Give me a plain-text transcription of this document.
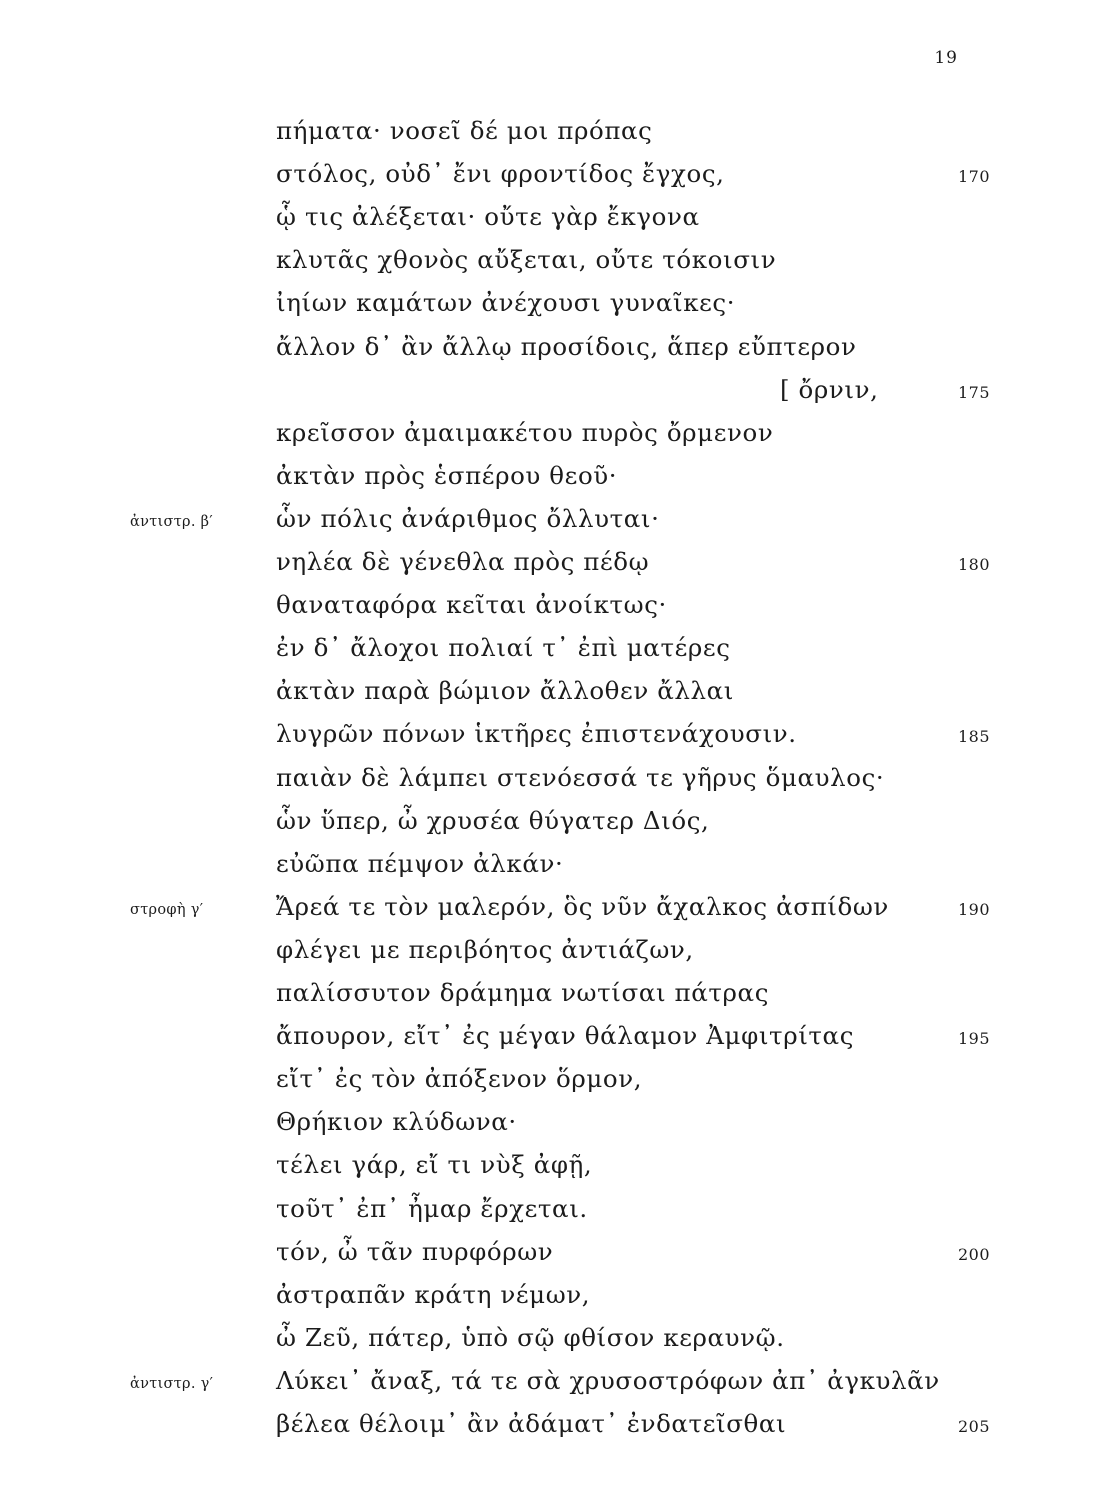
19
πήματα· νοσεῖ δέ μοι πρόπας
στόλος, οὐδ᾽ ἔνι φροντίδος ἔγχος,	170
ᾧ τις ἀλέξεται· οὔτε γὰρ ἔκγονα
κλυτᾶς χθονὸς αὔξεται, οὔτε τόκοισιν
ἰηίων καμάτων ἀνέχουσι γυναῖκες·
ἄλλον δ᾽ ἂν ἄλλῳ προσίδοις, ἅπερ εὔπτερον
[ ὄρνιν,	175
κρεῖσσον ἀμαιμακέτου πυρὸς ὄρμενον
ἀκτὰν πρὸς ἑσπέρου θεοῦ·
ὧν πόλις ἀνάριθμος ὄλλυται·
ἀντιστρ. β′
νηλέα δὲ γένεθλα πρὸς πέδῳ	180
θαναταφόρα κεῖται ἀνοίκτως·
ἐν δ᾽ ἄλοχοι πολιαί τ᾽ ἐπὶ ματέρες
ἀκτὰν παρὰ βώμιον ἄλλοθεν ἄλλαι
λυγρῶν πόνων ἱκτῆρες ἐπιστενάχουσιν.	185
παιὰν δὲ λάμπει στενόεσσά τε γῆρυς ὅμαυλος·
ὧν ὕπερ, ὦ χρυσέα θύγατερ Διός,
εὐῶπα πέμψον ἀλκάν·
Ἄρεά τε τὸν μαλερόν, ὃς νῦν ἄχαλκος ἀσπίδων	190
στροφὴ γ′
φλέγει με περιβόητος ἀντιάζων,
παλίσσυτον δράμημα νωτίσαι πάτρας
ἄπουρον, εἴτ᾽ ἐς μέγαν θάλαμον Ἀμφιτρίτας	195
εἴτ᾽ ἐς τὸν ἀπόξενον ὅρμον,
Θρήκιον κλύδωνα·
τέλει γάρ, εἴ τι νὺξ ἀφῇ,
τοῦτ᾽ ἐπ᾽ ἦμαρ ἔρχεται.
τόν, ὦ τᾶν πυρφόρων	200
ἀστραπᾶν κράτη νέμων,
ὦ Ζεῦ, πάτερ, ὑπὸ σῷ φθίσον κεραυνῷ.
Λύκει᾽ ἄναξ, τά τε σὰ χρυσοστρόφων ἀπ᾽ ἀγκυλᾶν
ἀντιστρ. γ′
βέλεα θέλοιμ᾽ ἂν ἀδάματ᾽ ἐνδατεῖσθαι	205
